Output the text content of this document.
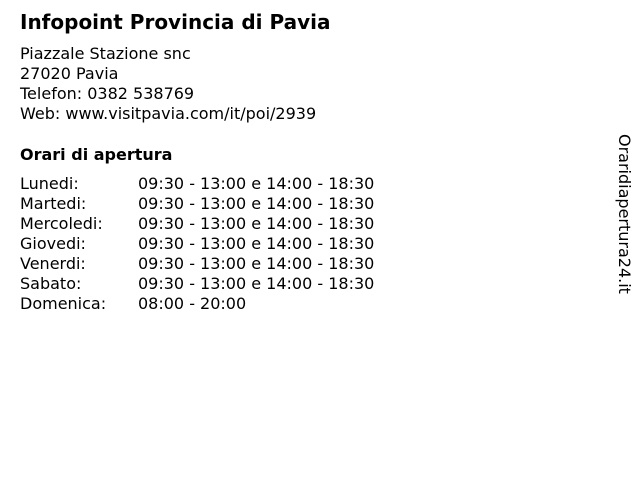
Infopoint Provincia di Pavia
Piazzale Stazione snc
27020 Pavia
Telefon: 0382 538769
Web: www.visitpavia.com/it/poi/2939
Orari di apertura
Lunedi:	09:30 - 13:00 e 14:00 - 18:30
Martedi:	09:30 - 13:00 e 14:00 - 18:30
Mercoledi:	09:30 - 13:00 e 14:00 - 18:30
Giovedi:	09:30 - 13:00 e 14:00 - 18:30
Venerdi:	09:30 - 13:00 e 14:00 - 18:30
Sabato:	09:30 - 13:00 e 14:00 - 18:30
Domenica:	08:00 - 20:00
Oraridiapertura24.it
